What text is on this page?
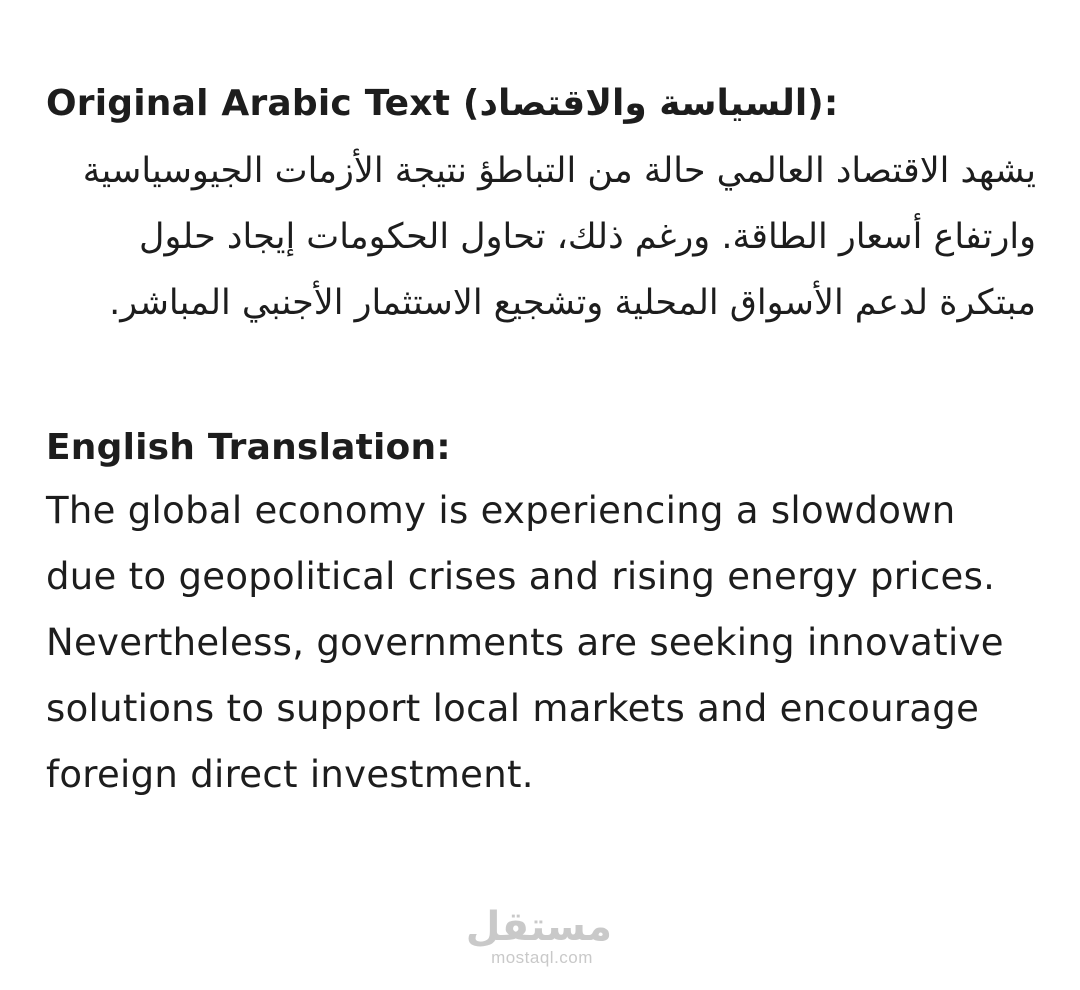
Original Arabic Text (السياسة والاقتصاد):

يشهد الاقتصاد العالمي حالة من التباطؤ نتيجة الأزمات الجيوسياسية وارتفاع أسعار الطاقة. ورغم ذلك، تحاول الحكومات إيجاد حلول مبتكرة لدعم الأسواق المحلية وتشجيع الاستثمار الأجنبي المباشر.

English Translation:

The global economy is experiencing a slowdown due to geopolitical crises and rising energy prices. Nevertheless, governments are seeking innovative solutions to support local markets and encourage foreign direct investment.

مستقل
mostaql.com
